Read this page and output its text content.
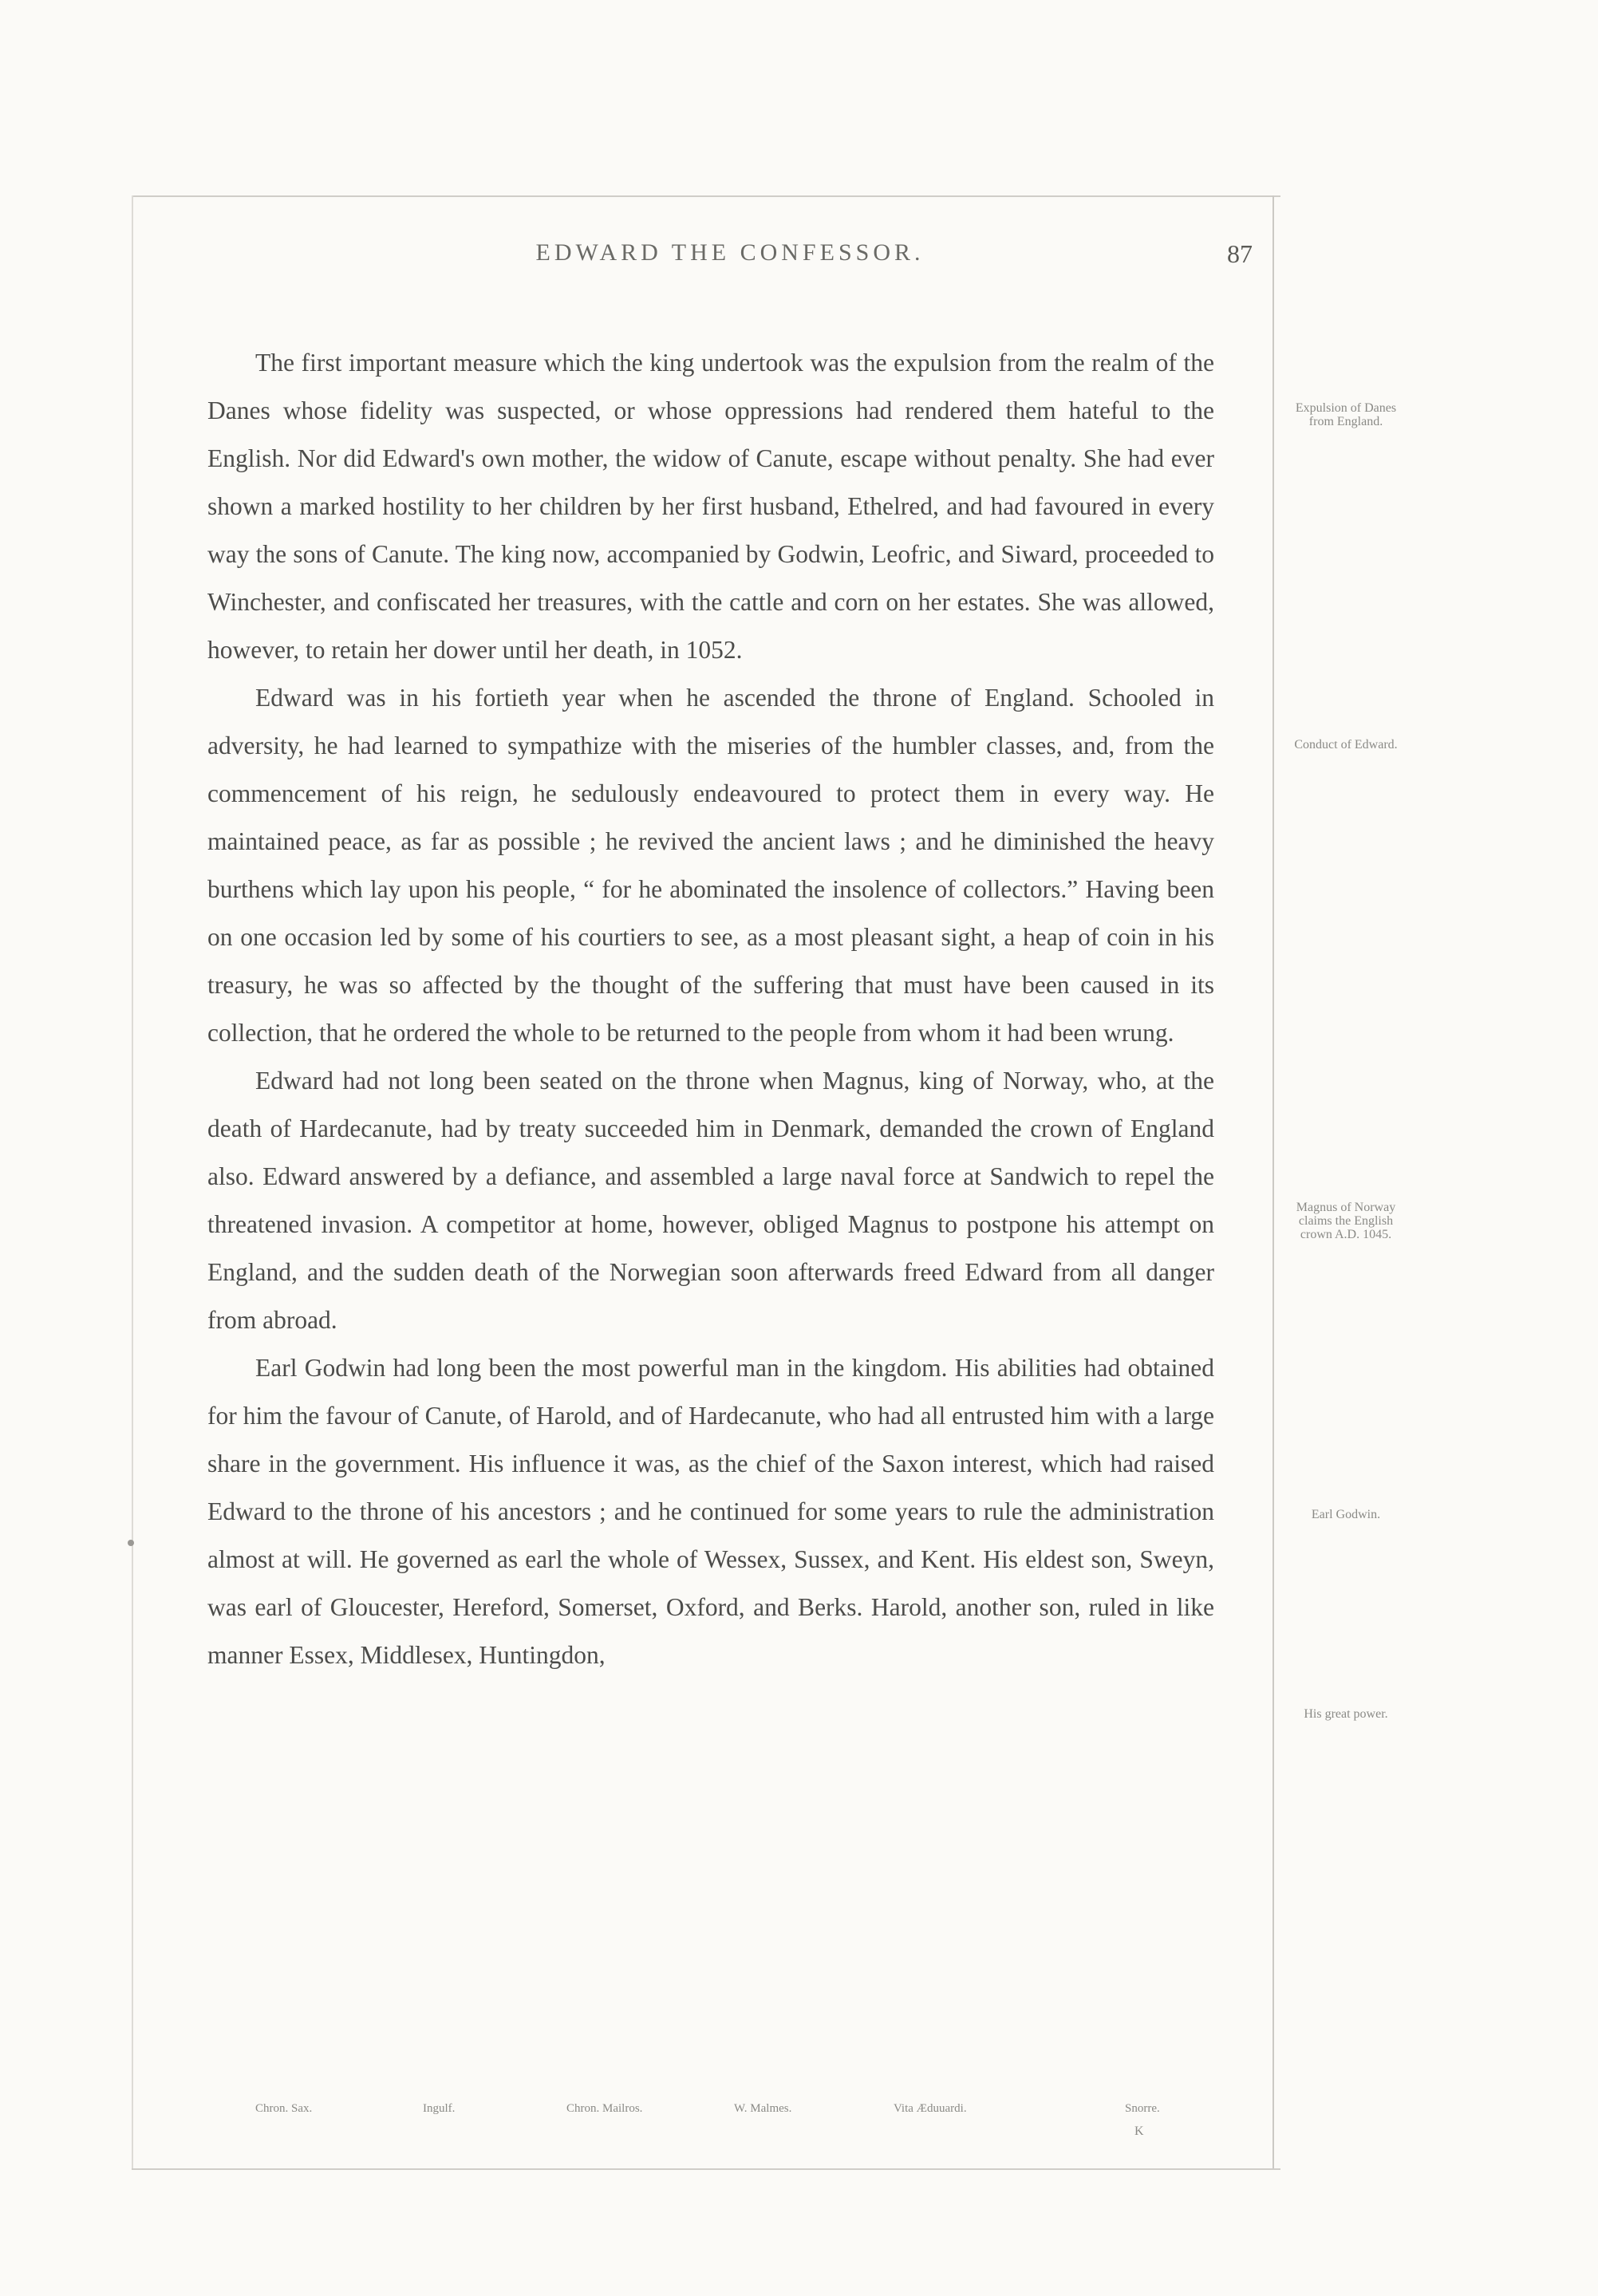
EDWARD THE CONFESSOR.	87

The first important measure which the king undertook was the expulsion from the realm of the Danes whose fidelity was suspected, or whose oppressions had rendered them hateful to the English. Nor did Edward's own mother, the widow of Canute, escape without penalty. She had ever shown a marked hostility to her children by her first husband, Ethelred, and had favoured in every way the sons of Canute. The king now, accompanied by Godwin, Leofric, and Siward, proceeded to Winchester, and confiscated her treasures, with the cattle and corn on her estates. She was allowed, however, to retain her dower until her death, in 1052.

Edward was in his fortieth year when he ascended the throne of England. Schooled in adversity, he had learned to sympathize with the miseries of the humbler classes, and, from the commencement of his reign, he sedulously endeavoured to protect them in every way. He maintained peace, as far as possible ; he revived the ancient laws ; and he diminished the heavy burthens which lay upon his people, “ for he abominated the insolence of collectors.” Having been on one occasion led by some of his courtiers to see, as a most pleasant sight, a heap of coin in his treasury, he was so affected by the thought of the suffering that must have been caused in its collection, that he ordered the whole to be returned to the people from whom it had been wrung.

Edward had not long been seated on the throne when Magnus, king of Norway, who, at the death of Hardecanute, had by treaty succeeded him in Denmark, demanded the crown of England also. Edward answered by a defiance, and assembled a large naval force at Sandwich to repel the threatened invasion. A competitor at home, however, obliged Magnus to postpone his attempt on England, and the sudden death of the Norwegian soon afterwards freed Edward from all danger from abroad.

Earl Godwin had long been the most powerful man in the kingdom. His abilities had obtained for him the favour of Canute, of Harold, and of Hardecanute, who had all entrusted him with a large share in the government. His influence it was, as the chief of the Saxon interest, which had raised Edward to the throne of his ancestors ; and he continued for some years to rule the administration almost at will. He governed as earl the whole of Wessex, Sussex, and Kent. His eldest son, Sweyn, was earl of Gloucester, Hereford, Somerset, Oxford, and Berks. Harold, another son, ruled in like manner Essex, Middlesex, Huntingdon,

Expulsion of Danes from England.
Conduct of Edward.
Magnus of Norway claims the English crown A.D. 1045.
Earl Godwin.
His great power.
Chron. Sax.	Ingulf.	Chron. Mailros.	W. Malmes.	Vita Æduuardi.	Snorre.
K
